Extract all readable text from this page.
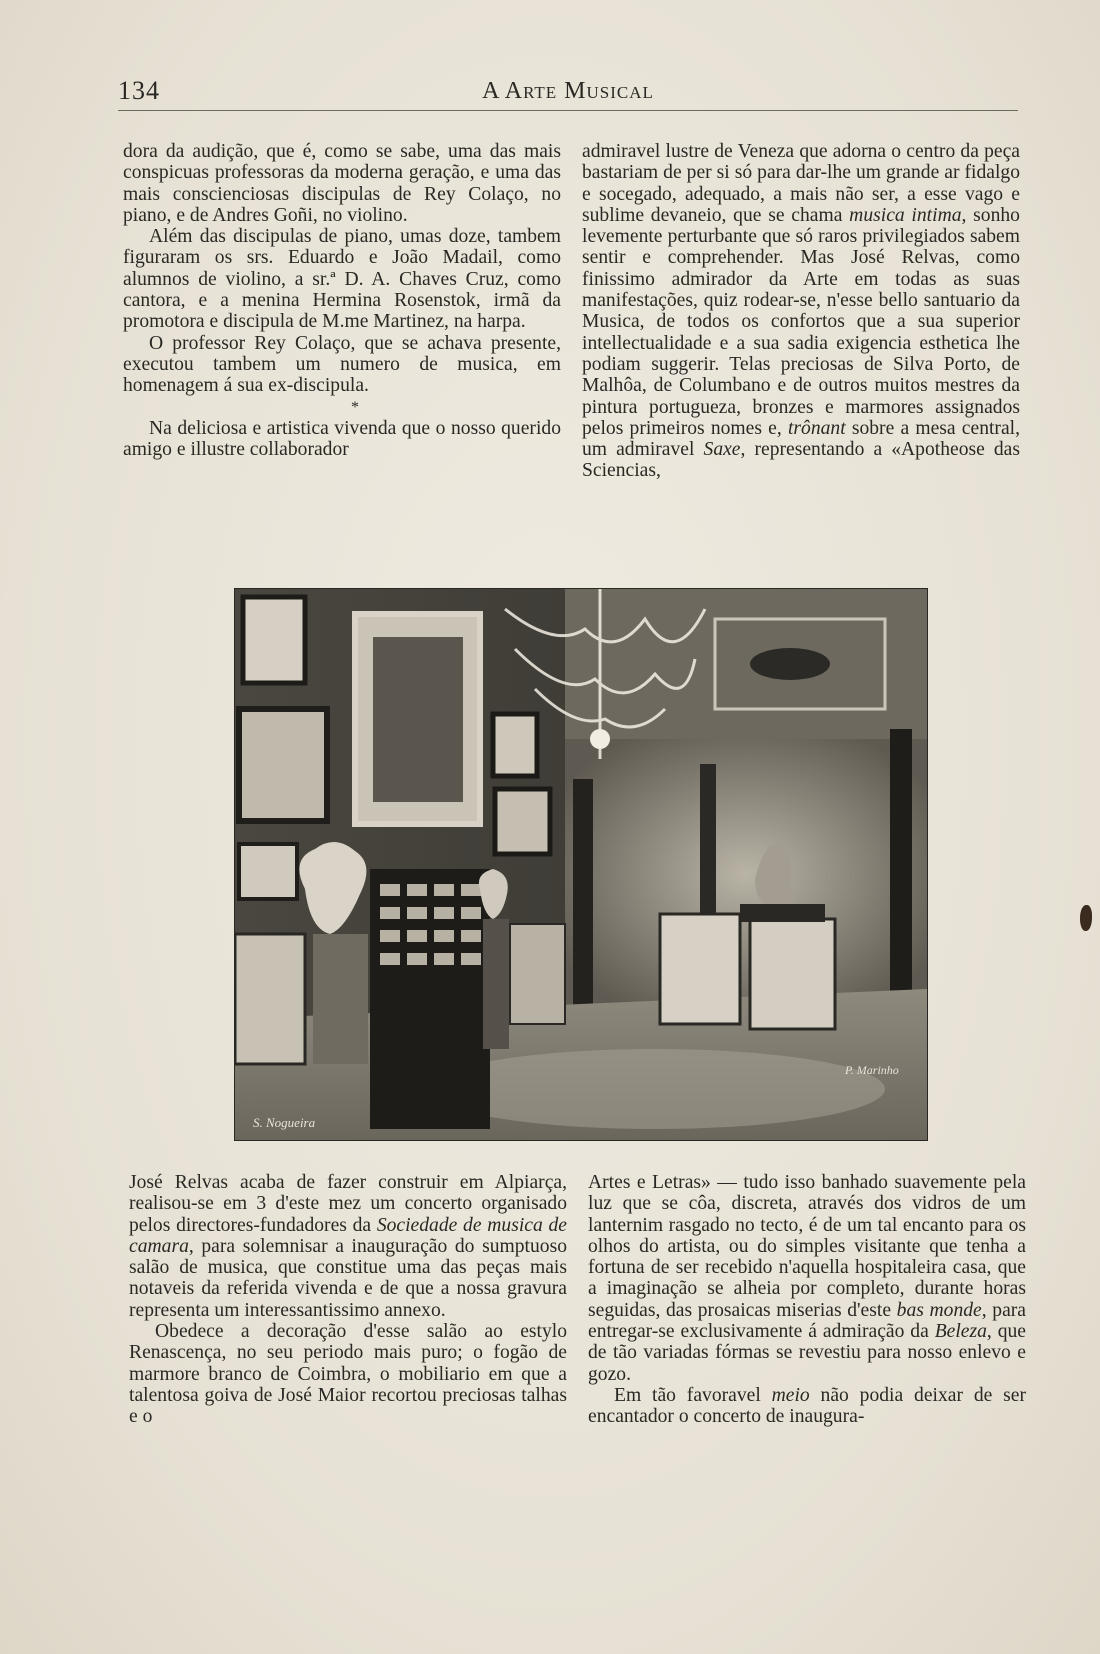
134	A Arte Musical

dora da audição, que é, como se sabe, uma das mais conspicuas professoras da moderna geração, e uma das mais conscienciosas discipulas de Rey Colaço, no piano, e de Andres Goñi, no violino.

Além das discipulas de piano, umas doze, tambem figuraram os srs. Eduardo e João Madail, como alumnos de violino, a sr.ª D. A. Chaves Cruz, como cantora, e a menina Hermina Rosenstok, irmã da promotora e discipula de M.me Martinez, na harpa.

O professor Rey Colaço, que se achava presente, executou tambem um numero de musica, em homenagem á sua ex-discipula.

*

Na deliciosa e artistica vivenda que o nosso querido amigo e illustre collaborador

admiravel lustre de Veneza que adorna o centro da peça bastariam de per si só para dar-lhe um grande ar fidalgo e socegado, adequado, a mais não ser, a esse vago e sublime devaneio, que se chama musica intima, sonho levemente perturbante que só raros privilegiados sabem sentir e comprehender. Mas José Relvas, como finissimo admirador da Arte em todas as suas manifestações, quiz rodear-se, n'esse bello santuario da Musica, de todos os confortos que a sua superior intellectualidade e a sua sadia exigencia esthetica lhe podiam suggerir. Telas preciosas de Silva Porto, de Malhôa, de Columbano e de outros muitos mestres da pintura portugueza, bronzes e marmores assignados pelos primeiros nomes e, trônant sobre a mesa central, um admiravel Saxe, representando a «Apotheose das Sciencias,

S. Nogueira
P. Marinho

José Relvas acaba de fazer construir em Alpiarça, realisou-se em 3 d'este mez um concerto organisado pelos directores-fundadores da Sociedade de musica de camara, para solemnisar a inauguração do sumptuoso salão de musica, que constitue uma das peças mais notaveis da referida vivenda e de que a nossa gravura representa um interessantissimo annexo.

Obedece a decoração d'esse salão ao estylo Renascença, no seu periodo mais puro; o fogão de marmore branco de Coimbra, o mobiliario em que a talentosa goiva de José Maior recortou preciosas talhas e o

Artes e Letras» — tudo isso banhado suavemente pela luz que se côa, discreta, através dos vidros de um lanternim rasgado no tecto, é de um tal encanto para os olhos do artista, ou do simples visitante que tenha a fortuna de ser recebido n'aquella hospitaleira casa, que a imaginação se alheia por completo, durante horas seguidas, das prosaicas miserias d'este bas monde, para entregar-se exclusivamente á admiração da Beleza, que de tão variadas fórmas se revestiu para nosso enlevo e gozo.

Em tão favoravel meio não podia deixar de ser encantador o concerto de inaugura-
